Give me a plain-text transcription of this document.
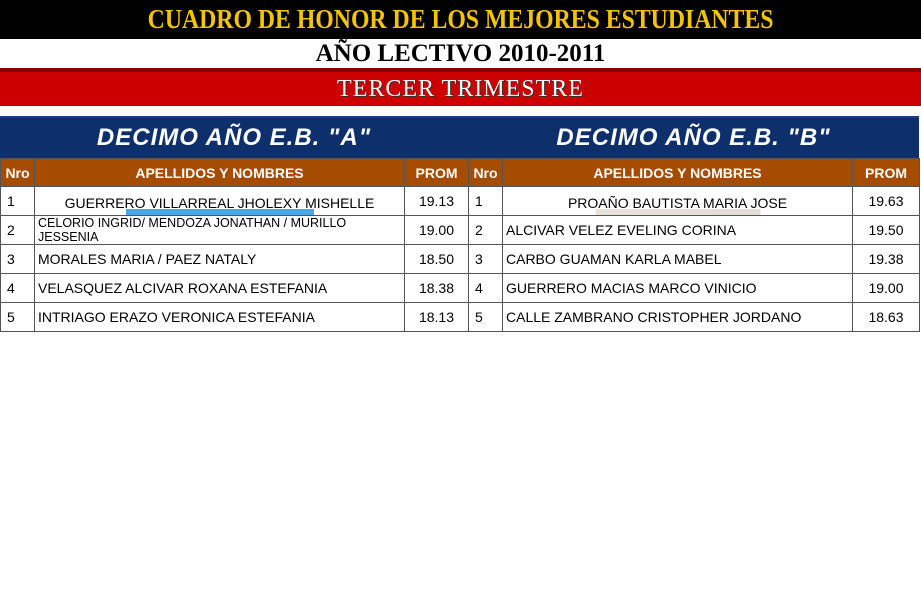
CUADRO DE HONOR DE LOS MEJORES ESTUDIANTES
AÑO LECTIVO 2010-2011
TERCER TRIMESTRE
DECIMO AÑO E.B. "A"
Nro	APELLIDOS Y NOMBRES	PROM
1	GUERRERO VILLARREAL JHOLEXY MISHELLE	19.13
2	CELORIO INGRID/ MENDOZA JONATHAN / MURILLO JESSENIA	19.00
3	MORALES MARIA / PAEZ NATALY	18.50
4	VELASQUEZ ALCIVAR ROXANA ESTEFANIA	18.38
5	INTRIAGO ERAZO VERONICA ESTEFANIA	18.13
DECIMO AÑO E.B. "B"
Nro	APELLIDOS Y NOMBRES	PROM
1	PROAÑO BAUTISTA MARIA JOSE	19.63
2	ALCIVAR VELEZ EVELING CORINA	19.50
3	CARBO GUAMAN KARLA MABEL	19.38
4	GUERRERO MACIAS MARCO VINICIO	19.00
5	CALLE ZAMBRANO CRISTOPHER JORDANO	18.63
